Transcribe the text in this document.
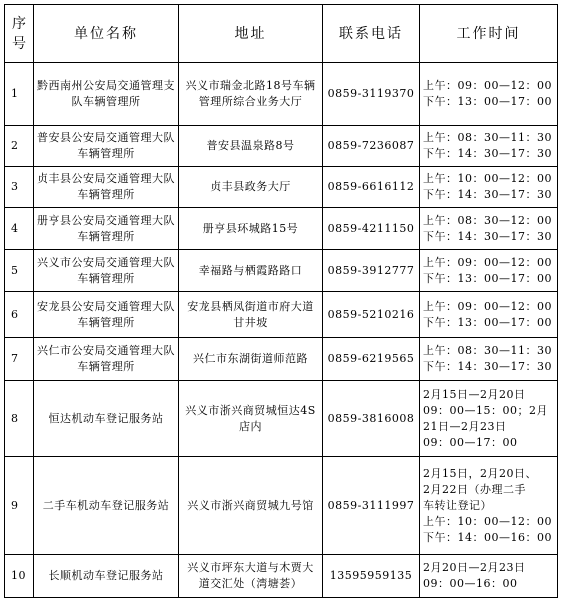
序号	单位名称	地址	联系电话	工作时间
1	黔西南州公安局交通管理支队车辆管理所	兴义市瑞金北路18号车辆管理所综合业务大厅	0859-3119370	上午：09：00—12：00
下午：13：00—17：00

2	普安县公安局交通管理大队车辆管理所	普安县温泉路8号	0859-7236087	上午：08：30—11：30
下午：14：30—17：30

3	贞丰县公安局交通管理大队车辆管理所	贞丰县政务大厅	0859-6616112	上午：10：00—12：00
下午：14：30—17：30

4	册亨县公安局交通管理大队车辆管理所	册亨县环城路15号	0859-4211150	上午：08：30—12：00
下午：14：30—17：30

5	兴义市公安局交通管理大队车辆管理所	幸福路与栖霞路路口	0859-3912777	上午：09：00—12：00
下午：13：00—17：00

6	安龙县公安局交通管理大队车辆管理所	安龙县栖凤街道市府大道甘井坡	0859-5210216	上午：09：00—12：00
下午：13：00—17：00

7	兴仁市公安局交通管理大队车辆管理所	兴仁市东湖街道师范路	0859-6219565	上午：08：30—11：30
下午：14：30—17：30

8	恒达机动车登记服务站	兴义市浙兴商贸城恒达4S店内	0859-3816008	2月15日—2月20日
09：00—15：00；2月
21日—2月23日
09：00—17：00

9	二手车机动车登记服务站	兴义市浙兴商贸城九号馆	0859-3111997	2月15日，2月20日、
2月22日（办理二手
车转让登记）
上午：10：00—12：00
下午：14：00—16：00

10	长顺机动车登记服务站	兴义市坪东大道与木贾大道交汇处（湾塘荟）	13595959135	2月20日—2月23日
09：00—16：00
